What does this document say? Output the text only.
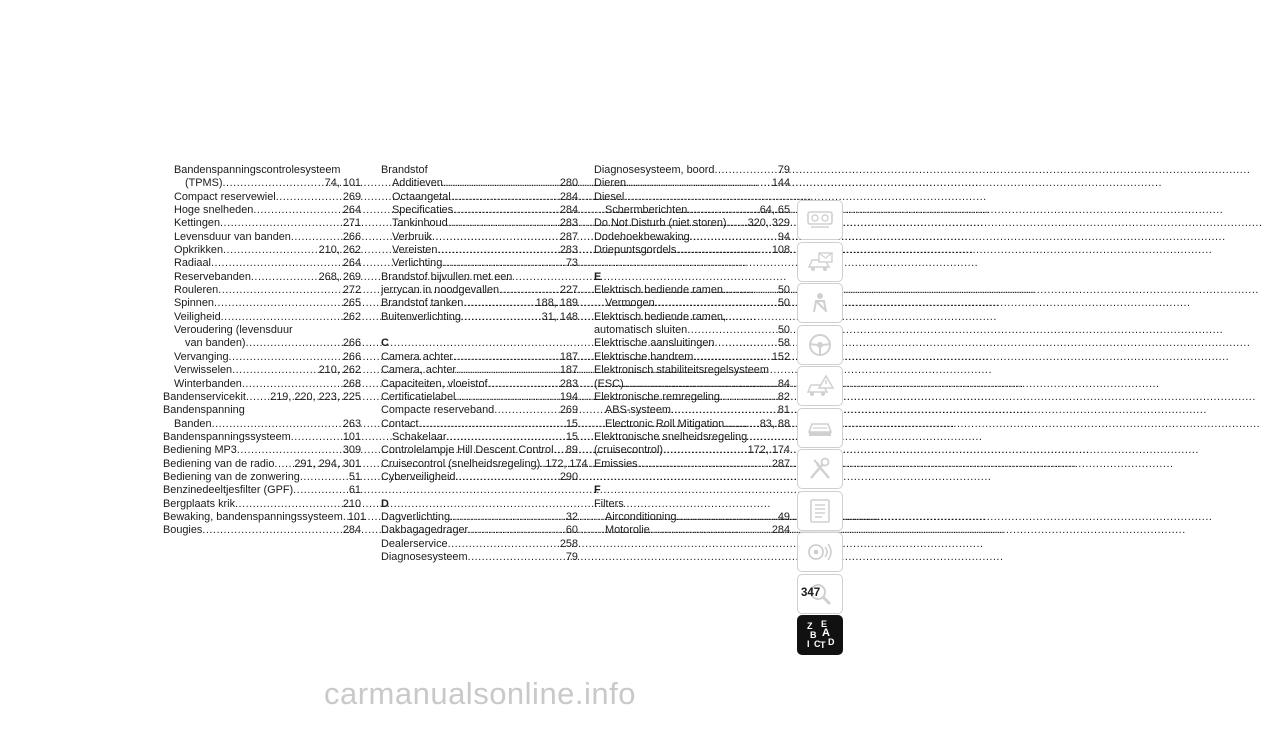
Bandenspanningscontrolesysteem
(TPMS) .....	74, 101
Compact reservewiel .....	269
Hoge snelheden .....	264
Kettingen .....	271
Levensduur van banden .....	266
Opkrikken .....	210, 262
Radiaal .....	264
Reservebanden .....	268, 269
Rouleren .....	272
Spinnen .....	265
Veiligheid .....	262
Veroudering (levensduur
van banden) .....	266
Vervanging .....	266
Verwisselen .....	210, 262
Winterbanden .....	268
Bandenservicekit ..... 219, 220, 223, 225
Bandenspanning
Banden .....	263
Bandenspanningssysteem .....	101
Bediening MP3 .....	309
Bediening van de radio ..... 291, 294, 301
Bediening van de zonwering .....	51
Benzinedeeltjesfilter (GPF) .....	61
Bergplaats krik .....	210
Bewaking, bandenspanningssysteem ..... 101
Bougies .....	284
Brandstof
Additieven .....	280
Octaangetal .....	284
Specificaties .....	284
Tankinhoud .....	283
Verbruik .....	287
Vereisten .....	283
Verlichting .....	73
Brandstof bijvullen met een
jerrycan in noodgevallen .....	227
Brandstof tanken .....	188, 189
Buitenverlichting .....	31, 148
C
Camera achter .....	187
Camera, achter .....	187
Capaciteiten, vloeistof .....	283
Certificatielabel .....	194
Compacte reserveband .....	269
Contact .....	15
Schakelaar .....	15
Controlelampje Hill Descent Control ..... 89
Cruisecontrol (snelheidsregeling) ..... 172, 174
Cyberveiligheid .....	290
D
Dagverlichting .....	32
Dakbagagedrager .....	60
Dealerservice .....	258
Diagnosesysteem .....	79
Diagnosesysteem, boord .....	79
Dieren .....	144
Diesel
Schermberichten .....	64, 65
Do Not Disturb (niet storen) ..... 320, 329
Dodehoekbewaking .....	94
Driepuntsgordels .....	108
E
Elektrisch bediende ramen .....	50
Vermogen .....	50
Elektrisch bediende ramen,
automatisch sluiten .....	50
Elektrische aansluitingen .....	58
Elektrische handrem .....	152
Elektronisch stabiliteitsregelsysteem
(ESC) .....	84
Elektronische remregeling .....	82
ABS-systeem .....	81
Electronic Roll Mitigation .....	83, 88
Elektronische snelheidsregeling
(cruisecontrol) .....	172, 174
Emissies .....	287
F
Filters
Airconditioning .....	49
Motorolie .....	284
Z E
B A
I C T D
347
carmanualsonline.info
